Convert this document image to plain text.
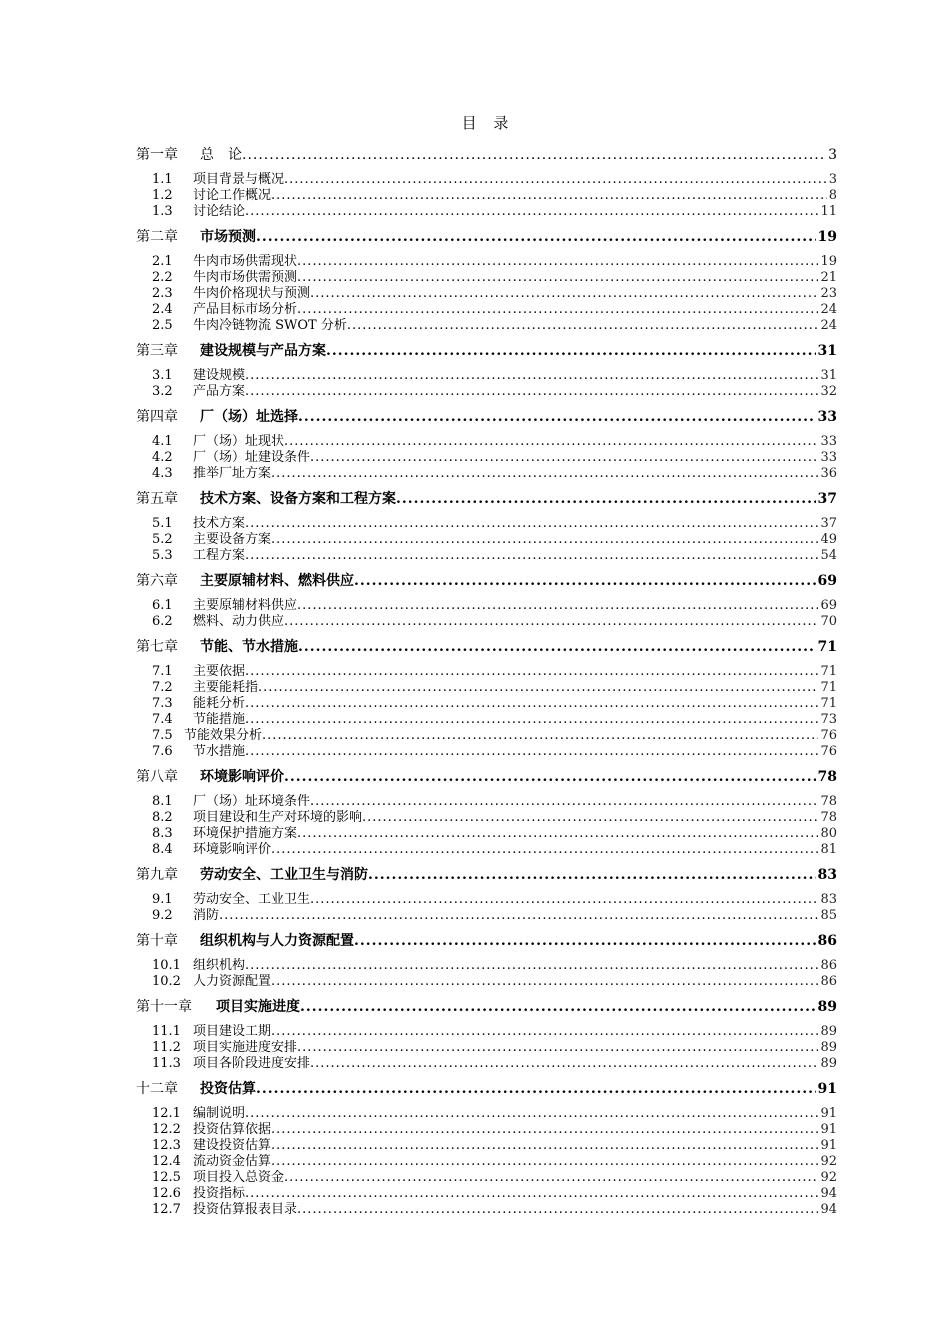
目 录
第一章	总　论 .....	3
1.1	项目背景与概况 .....	3
1.2	讨论工作概况 .....	8
1.3	讨论结论 .....	11
第二章	市场预测 .....	19
2.1	牛肉市场供需现状 .....	19
2.2	牛肉市场供需预测 .....	21
2.3	牛肉价格现状与预测 .....	23
2.4	产品目标市场分析 .....	24
2.5	牛肉冷链物流 SWOT 分析 .....	24
第三章	建设规模与产品方案 .....	31
3.1	建设规模 .....	31
3.2	产品方案 .....	32
第四章	厂（场）址选择 .....	33
4.1	厂（场）址现状 .....	33
4.2	厂（场）址建设条件 .....	33
4.3	推举厂址方案 .....	36
第五章	技术方案、设备方案和工程方案 .....	37
5.1	技术方案 .....	37
5.2	主要设备方案 .....	49
5.3	工程方案 .....	54
第六章	主要原辅材料、燃料供应 .....	69
6.1	主要原辅材料供应 .....	69
6.2	燃料、动力供应 .....	70
第七章	节能、节水措施 .....	71
7.1	主要依据 .....	71
7.2	主要能耗指 .....	71
7.3	能耗分析 .....	71
7.4	节能措施 .....	73
7.5 节能效果分析 .....	76
7.6	节水措施 .....	76
第八章	环境影响评价 .....	78
8.1	厂（场）址环境条件 .....	78
8.2	项目建设和生产对环境的影响 .....	78
8.3	环境保护措施方案 .....	80
8.4	环境影响评价 .....	81
第九章	劳动安全、工业卫生与消防 .....	83
9.1	劳动安全、工业卫生 .....	83
9.2	消防 .....	85
第十章	组织机构与人力资源配置 .....	86
10.1 组织机构 .....	86
10.2 人力资源配置 .....	86
第十一章	项目实施进度 .....	89
11.1 项目建设工期 .....	89
11.2 项目实施进度安排 .....	89
11.3 项目各阶段进度安排 .....	89
十二章	投资估算 .....	91
12.1 编制说明 .....	91
12.2 投资估算依据 .....	91
12.3 建设投资估算 .....	91
12.4 流动资金估算 .....	92
12.5 项目投入总资金 .....	92
12.6 投资指标 .....	94
12.7 投资估算报表目录 .....	94
